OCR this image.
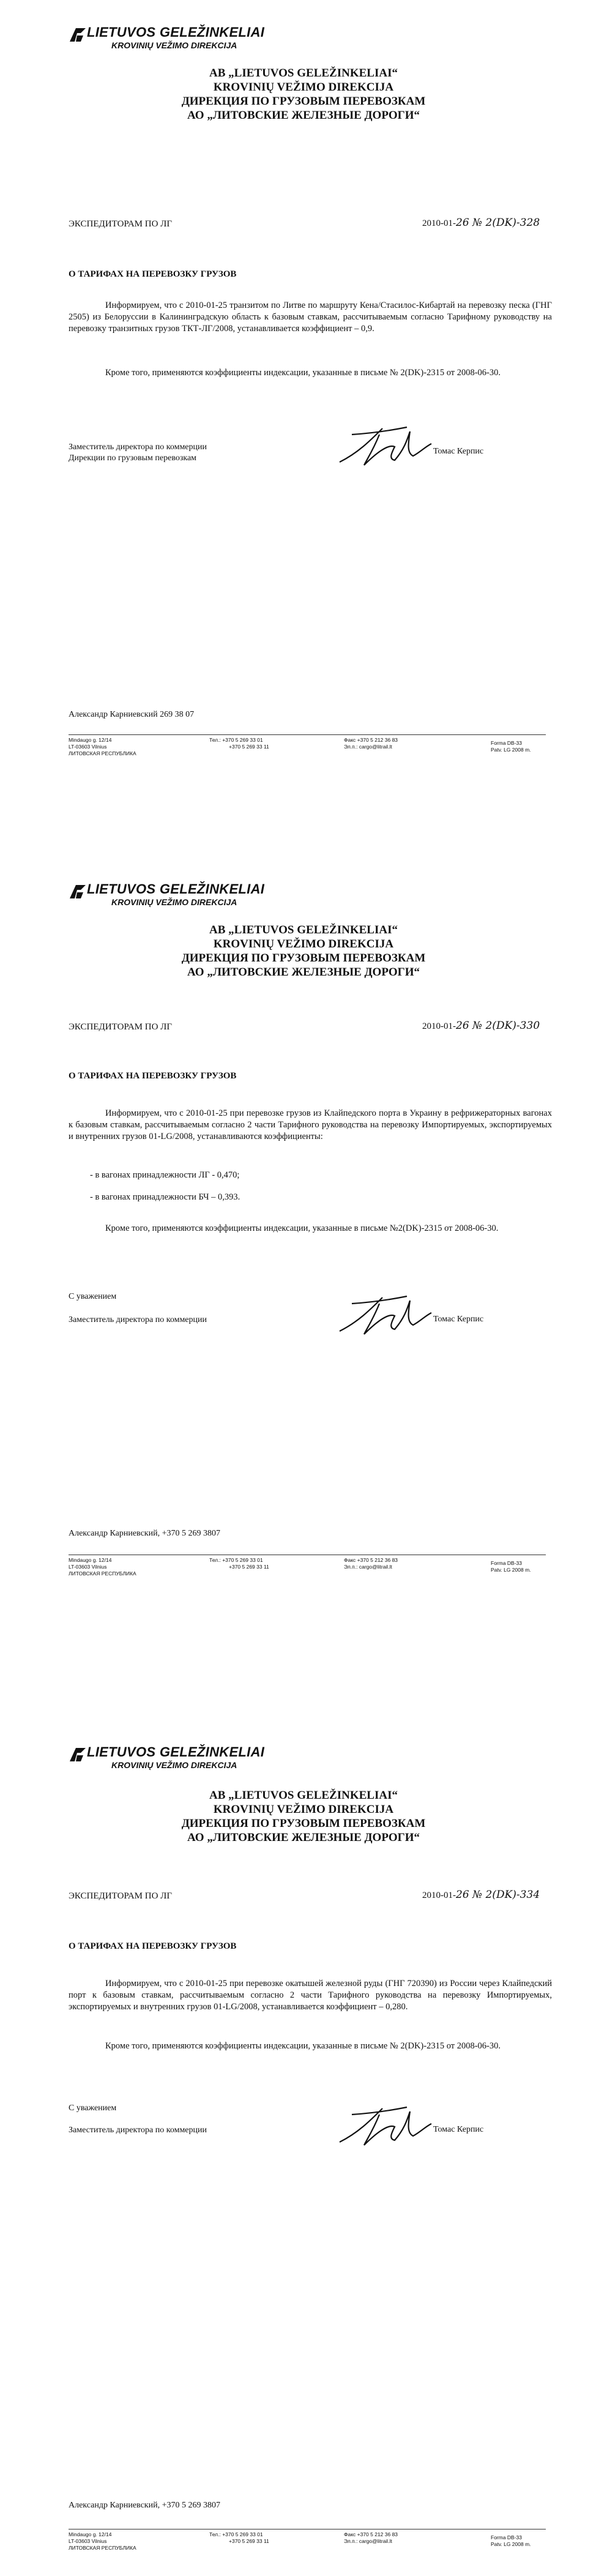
LIETUVOS GELEŽINKELIAI
KROVINIŲ VEŽIMO DIREKCIJA
AB „LIETUVOS GELEŽINKELIAI“
KROVINIŲ VEŽIMO DIREKCIJA
ДИРЕКЦИЯ ПО ГРУЗОВЫМ ПЕРЕВОЗКАМ
АО „ЛИТОВСКИЕ ЖЕЛЕЗНЫЕ ДОРОГИ“
ЭКСПЕДИТОРАМ ПО ЛГ	2010-01-26 № 2(DK)-328
О ТАРИФАХ НА ПЕРЕВОЗКУ ГРУЗОВ

Информируем, что с 2010-01-25 транзитом по Литве по маршруту Кена/Стасилос-Кибартай на перевозку песка (ГНГ 2505) из Белоруссии в Калининградскую область к базовым ставкам, рассчитываемым согласно Тарифному руководству на перевозку транзитных грузов ТКТ-ЛГ/2008, устанавливается коэффициент – 0,9.

Кроме того, применяются коэффициенты индексации, указанные в письме № 2(DK)-2315 от 2008-06-30.

Заместитель директора по коммерции
Дирекции по грузовым перевозкам
Томас Керпис
Александр Карниевский 269 38 07
Mindaugo g. 12/14
LT-03603 Vilnius
ЛИТОВСКАЯ РЕСПУБЛИКА
Тел.: +370 5 269 33 01
+370 5 269 33 11
Факс +370 5 212 36 83
Эл.п.: cargo@litrail.lt
Forma DB-33
Patv. LG 2008 m.
LIETUVOS GELEŽINKELIAI
KROVINIŲ VEŽIMO DIREKCIJA
AB „LIETUVOS GELEŽINKELIAI“
KROVINIŲ VEŽIMO DIREKCIJA
ДИРЕКЦИЯ ПО ГРУЗОВЫМ ПЕРЕВОЗКАМ
АО „ЛИТОВСКИЕ ЖЕЛЕЗНЫЕ ДОРОГИ“
ЭКСПЕДИТОРАМ ПО ЛГ	2010-01-26 № 2(DK)-330
О ТАРИФАХ НА ПЕРЕВОЗКУ ГРУЗОВ

Информируем, что с 2010-01-25 при перевозке грузов из Клайпедского порта в Украину в рефрижераторных вагонах к базовым ставкам, рассчитываемым согласно 2 части Тарифного руководства на перевозку Импортируемых, экспортируемых и внутренних грузов 01-LG/2008, устанавливаются коэффициенты:

- в вагонах принадлежности ЛГ - 0,470;
- в вагонах принадлежности БЧ – 0,393.

Кроме того, применяются коэффициенты индексации, указанные в письме №2(DK)-2315 от 2008-06-30.

С уважением
Заместитель директора по коммерции	Томас Керпис
Александр Карниевский, +370 5 269 3807
Mindaugo g. 12/14
LT-03603 Vilnius
ЛИТОВСКАЯ РЕСПУБЛИКА
Тел.: +370 5 269 33 01
+370 5 269 33 11
Факс +370 5 212 36 83
Эл.п.: cargo@litrail.lt
Forma DB-33
Patv. LG 2008 m.
LIETUVOS GELEŽINKELIAI
KROVINIŲ VEŽIMO DIREKCIJA
AB „LIETUVOS GELEŽINKELIAI“
KROVINIŲ VEŽIMO DIREKCIJA
ДИРЕКЦИЯ ПО ГРУЗОВЫМ ПЕРЕВОЗКАМ
АО „ЛИТОВСКИЕ ЖЕЛЕЗНЫЕ ДОРОГИ“
ЭКСПЕДИТОРАМ ПО ЛГ	2010-01-26 № 2(DK)-334
О ТАРИФАХ НА ПЕРЕВОЗКУ ГРУЗОВ

Информируем, что с 2010-01-25 при перевозке окатышей железной руды (ГНГ 720390) из России через Клайпедский порт к базовым ставкам, рассчитываемым согласно 2 части Тарифного руководства на перевозку Импортируемых, экспортируемых и внутренних грузов 01-LG/2008, устанавливается коэффициент – 0,280.

Кроме того, применяются коэффициенты индексации, указанные в письме № 2(DK)-2315 от 2008-06-30.

С уважением
Заместитель директора по коммерции	Томас Керпис
Александр Карниевский, +370 5 269 3807
Mindaugo g. 12/14
LT-03603 Vilnius
ЛИТОВСКАЯ РЕСПУБЛИКА
Тел.: +370 5 269 33 01
+370 5 269 33 11
Факс +370 5 212 36 83
Эл.п.: cargo@litrail.lt
Forma DB-33
Patv. LG 2008 m.
